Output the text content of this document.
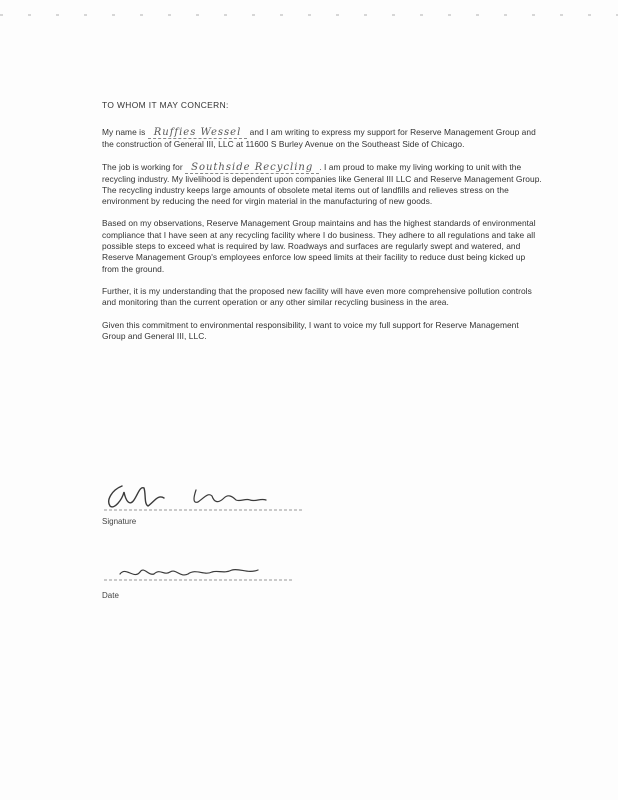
TO WHOM IT MAY CONCERN:

My name is Ruffies Wessel and I am writing to express my support for Reserve Management Group and the construction of General III, LLC at 11600 S Burley Avenue on the Southeast Side of Chicago.

The job is working for Southside Recycling . I am proud to make my living working to unit with the recycling industry. My livelihood is dependent upon companies like General III LLC and Reserve Management Group. The recycling industry keeps large amounts of obsolete metal items out of landfills and relieves stress on the environment by reducing the need for virgin material in the manufacturing of new goods.

Based on my observations, Reserve Management Group maintains and has the highest standards of environmental compliance that I have seen at any recycling facility where I do business. They adhere to all regulations and take all possible steps to exceed what is required by law. Roadways and surfaces are regularly swept and watered, and Reserve Management Group's employees enforce low speed limits at their facility to reduce dust being kicked up from the ground.

Further, it is my understanding that the proposed new facility will have even more comprehensive pollution controls and monitoring than the current operation or any other similar recycling business in the area.

Given this commitment to environmental responsibility, I want to voice my full support for Reserve Management Group and General III, LLC.

Signature
Date
